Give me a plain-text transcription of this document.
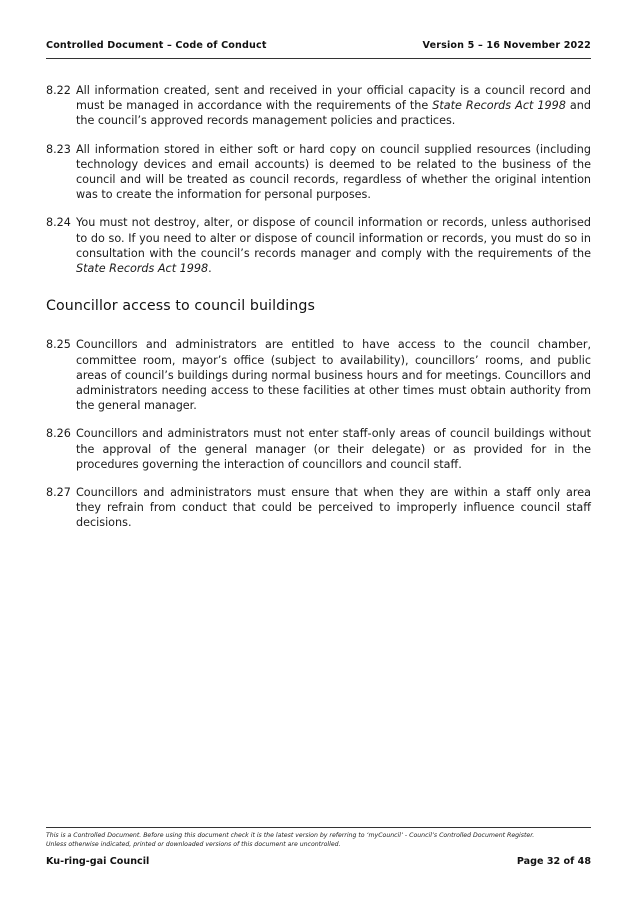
Controlled Document – Code of Conduct	Version 5 – 16 November 2022
8.22 All information created, sent and received in your official capacity is a council record and must be managed in accordance with the requirements of the State Records Act 1998 and the council’s approved records management policies and practices.
8.23 All information stored in either soft or hard copy on council supplied resources (including technology devices and email accounts) is deemed to be related to the business of the council and will be treated as council records, regardless of whether the original intention was to create the information for personal purposes.
8.24 You must not destroy, alter, or dispose of council information or records, unless authorised to do so. If you need to alter or dispose of council information or records, you must do so in consultation with the council’s records manager and comply with the requirements of the State Records Act 1998.
Councillor access to council buildings
8.25 Councillors and administrators are entitled to have access to the council chamber, committee room, mayor’s office (subject to availability), councillors’ rooms, and public areas of council’s buildings during normal business hours and for meetings. Councillors and administrators needing access to these facilities at other times must obtain authority from the general manager.
8.26 Councillors and administrators must not enter staff-only areas of council buildings without the approval of the general manager (or their delegate) or as provided for in the procedures governing the interaction of councillors and council staff.
8.27 Councillors and administrators must ensure that when they are within a staff only area they refrain from conduct that could be perceived to improperly influence council staff decisions.
This is a Controlled Document. Before using this document check it is the latest version by referring to ‘myCouncil’ - Council’s Controlled Document Register.
Unless otherwise indicated, printed or downloaded versions of this document are uncontrolled.
Ku-ring-gai Council	Page 32 of 48
